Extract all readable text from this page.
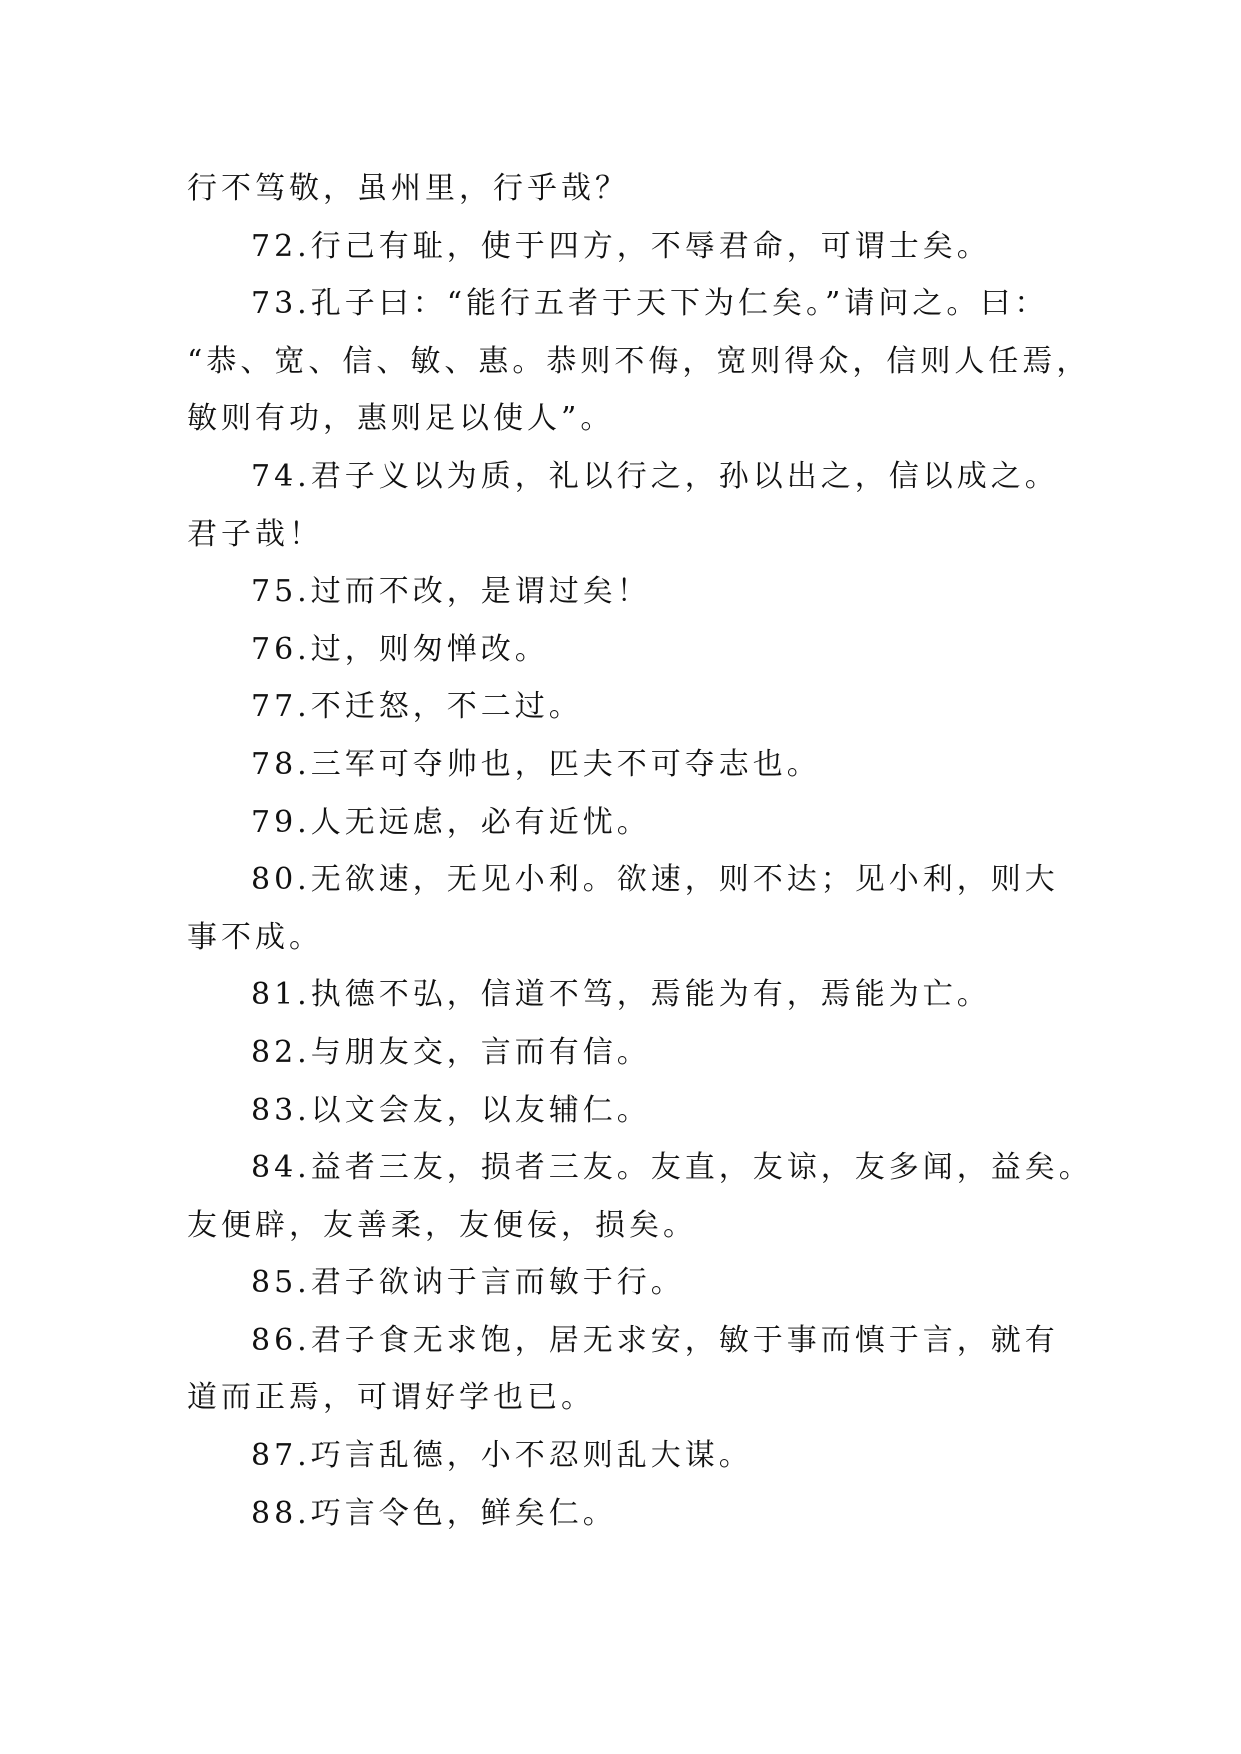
行不笃敬，虽州里，行乎哉？
72.行己有耻，使于四方，不辱君命，可谓士矣。
73.孔子曰：“能行五者于天下为仁矣。”请问之。曰：
“恭、宽、信、敏、惠。恭则不侮，宽则得众，信则人任焉，
敏则有功，惠则足以使人”。
74.君子义以为质，礼以行之，孙以出之，信以成之。
君子哉！
75.过而不改，是谓过矣！
76.过，则匆惮改。
77.不迁怒，不二过。
78.三军可夺帅也，匹夫不可夺志也。
79.人无远虑，必有近忧。
80.无欲速，无见小利。欲速，则不达；见小利，则大
事不成。
81.执德不弘，信道不笃，焉能为有，焉能为亡。
82.与朋友交，言而有信。
83.以文会友，以友辅仁。
84.益者三友，损者三友。友直，友谅，友多闻，益矣。
友便辟，友善柔，友便佞，损矣。
85.君子欲讷于言而敏于行。
86.君子食无求饱，居无求安，敏于事而慎于言，就有
道而正焉，可谓好学也已。
87.巧言乱德，小不忍则乱大谋。
88.巧言令色，鲜矣仁。
